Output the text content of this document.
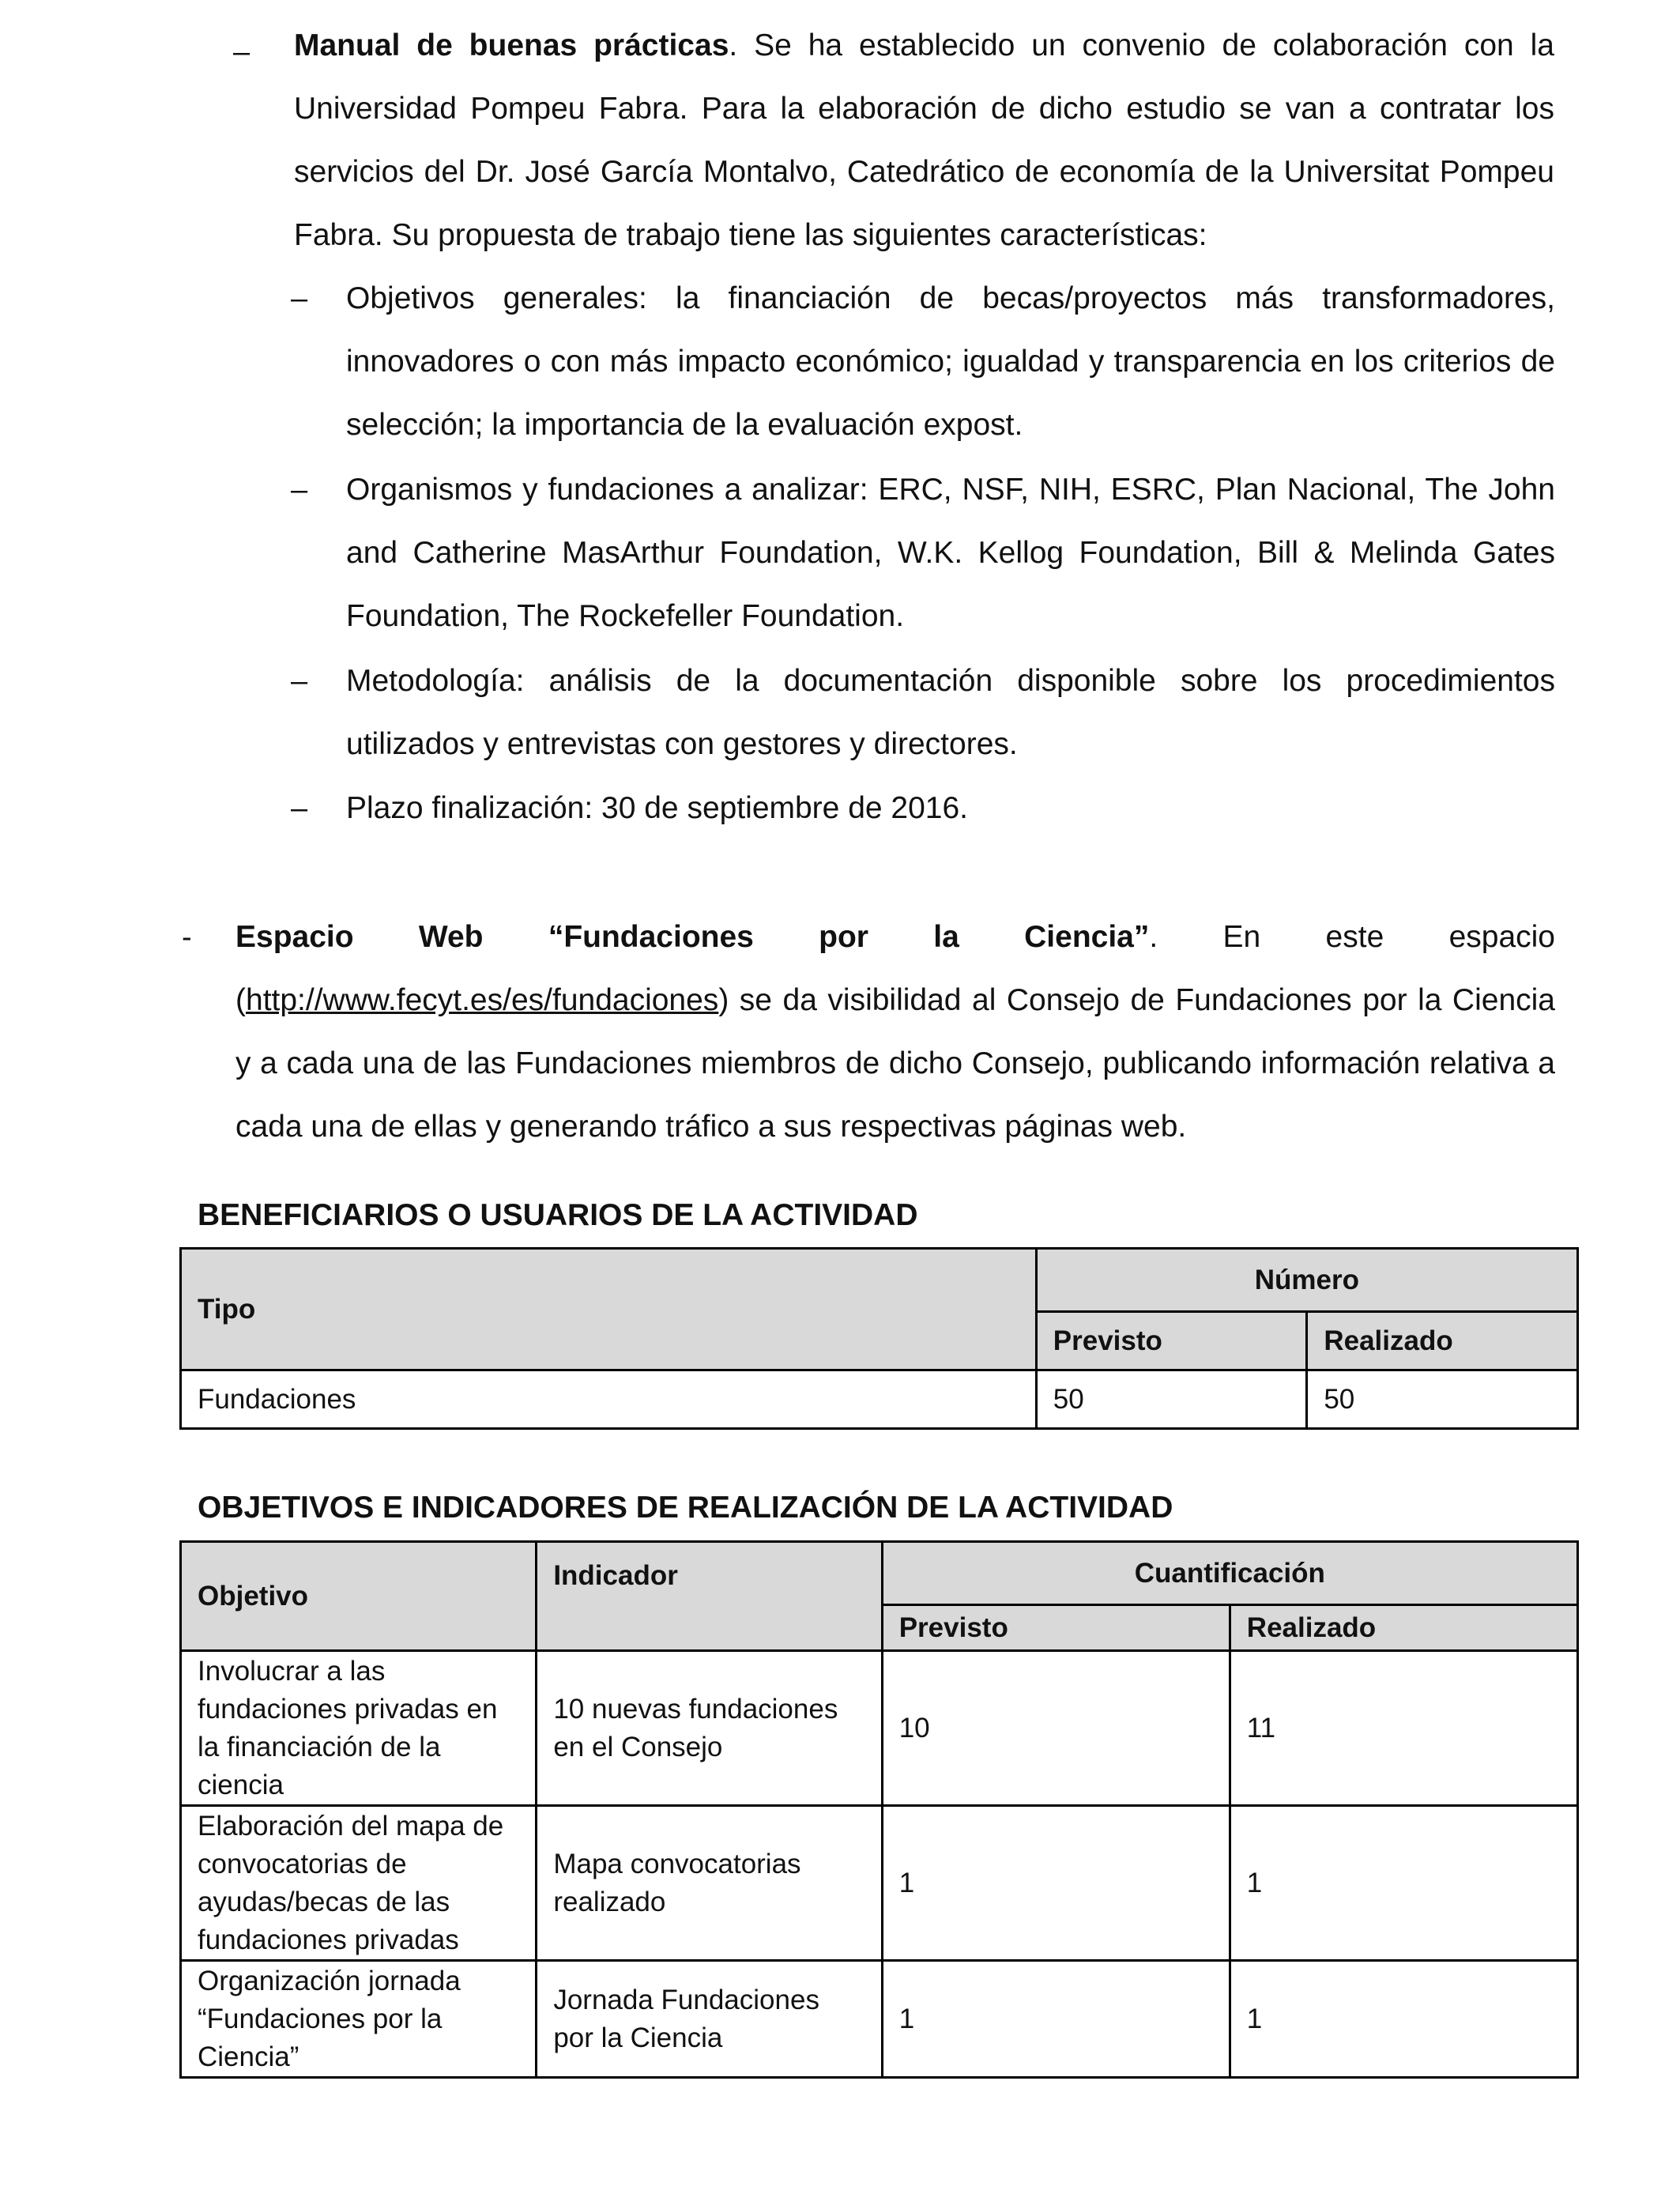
– Manual de buenas prácticas. Se ha establecido un convenio de colaboración con la Universidad Pompeu Fabra. Para la elaboración de dicho estudio se van a contratar los servicios del Dr. José García Montalvo, Catedrático de economía de la Universitat Pompeu Fabra. Su propuesta de trabajo tiene las siguientes características:
– Objetivos generales: la financiación de becas/proyectos más transformadores, innovadores o con más impacto económico; igualdad y transparencia en los criterios de selección; la importancia de la evaluación expost.
– Organismos y fundaciones a analizar: ERC, NSF, NIH, ESRC, Plan Nacional, The John and Catherine MasArthur Foundation, W.K. Kellog Foundation, Bill & Melinda Gates Foundation, The Rockefeller Foundation.
– Metodología: análisis de la documentación disponible sobre los procedimientos utilizados y entrevistas con gestores y directores.
– Plazo finalización: 30 de septiembre de 2016.
- Espacio Web “Fundaciones por la Ciencia”. En este espacio (http://www.fecyt.es/es/fundaciones) se da visibilidad al Consejo de Fundaciones por la Ciencia y a cada una de las Fundaciones miembros de dicho Consejo, publicando información relativa a cada una de ellas y generando tráfico a sus respectivas páginas web.
BENEFICIARIOS O USUARIOS DE LA ACTIVIDAD
Tipo	Número	
	Previsto	Realizado
Fundaciones	50	50
OBJETIVOS E INDICADORES DE REALIZACIÓN DE LA ACTIVIDAD
Objetivo	Indicador	Cuantificación	
		Previsto	Realizado
Involucrar a las fundaciones privadas en la financiación de la ciencia	10 nuevas fundaciones en el Consejo	10	11
Elaboración del mapa de convocatorias de ayudas/becas de las fundaciones privadas	Mapa convocatorias realizado	1	1
Organización jornada “Fundaciones por la Ciencia”	Jornada Fundaciones por la Ciencia	1	1
